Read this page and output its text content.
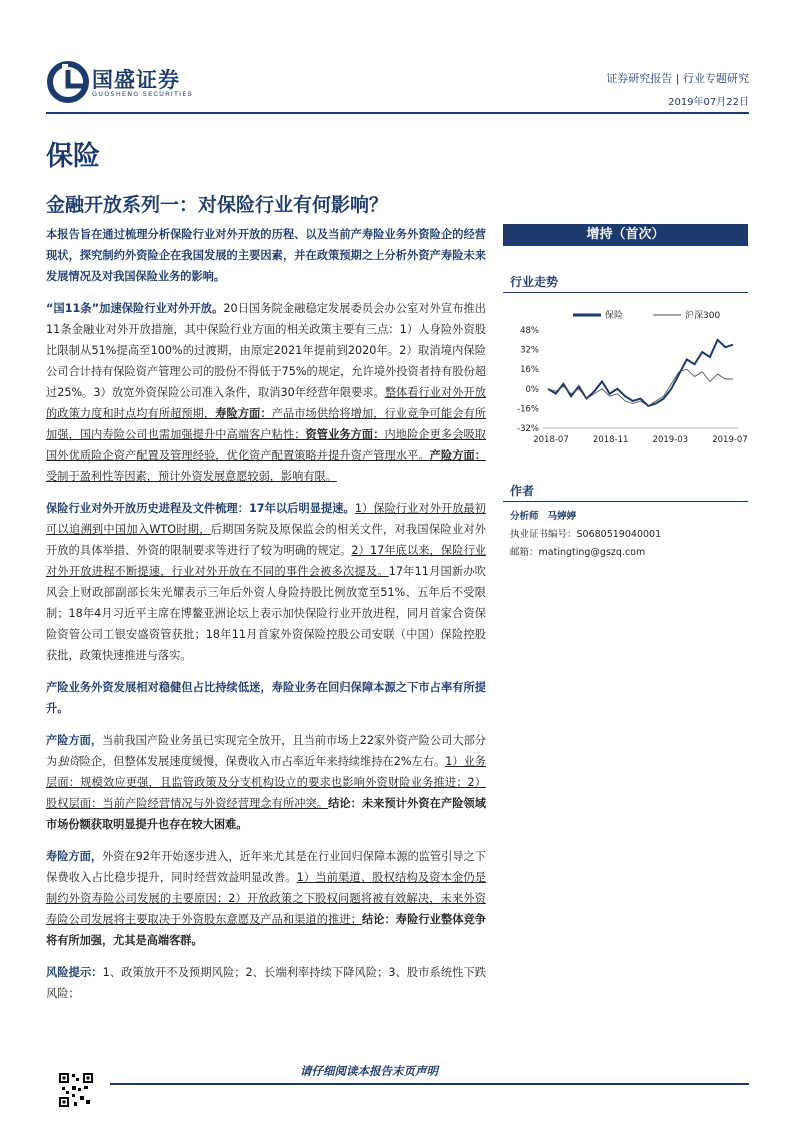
国盛证券
GUOSHENG SECURITIES
证券研究报告 | 行业专题研究
2019年07月22日
保险
金融开放系列一：对保险行业有何影响？

本报告旨在通过梳理分析保险行业对外开放的历程、以及当前产寿险业务外资险企的经营现状，探究制约外资险企在我国发展的主要因素，并在政策预期之上分析外资产寿险未来发展情况及对我国保险业务的影响。

“国11条”加速保险行业对外开放。20日国务院金融稳定发展委员会办公室对外宣布推出11条金融业对外开放措施，其中保险行业方面的相关政策主要有三点：1）人身险外资股比限制从51%提高至100%的过渡期，由原定2021年提前到2020年。2）取消境内保险公司合计持有保险资产管理公司的股份不得低于75%的规定，允许境外投资者持有股份超过25%。3）放宽外资保险公司准入条件，取消30年经营年限要求。整体看行业对外开放的政策力度和时点均有所超预期，寿险方面：产品市场供给将增加，行业竞争可能会有所加强，国内寿险公司也需加强提升中高端客户粘性；资管业务方面：内地险企更多会吸取国外优质险企资产配置及管理经验，优化资产配置策略并提升资产管理水平。产险方面：受制于盈利性等因素，预计外资发展意愿较弱，影响有限。

保险行业对外开放历史进程及文件梳理：17年以后明显提速。1）保险行业对外开放最初可以追溯到中国加入WTO时期，后期国务院及原保监会的相关文件，对我国保险业对外开放的具体举措、外资的限制要求等进行了较为明确的规定。2）17年底以来，保险行业对外开放进程不断提速，行业对外开放在不同的事件会被多次提及。17年11月国新办吹风会上财政部副部长朱光耀表示三年后外资人身险持股比例放宽至51%、五年后不受限制；18年4月习近平主席在博鳌亚洲论坛上表示加快保险行业开放进程，同月首家合资保险资管公司工银安盛资管获批；18年11月首家外资保险控股公司安联（中国）保险控股获批，政策快速推进与落实。

产险业务外资发展相对稳健但占比持续低迷，寿险业务在回归保障本源之下市占率有所提升。

产险方面，当前我国产险业务虽已实现完全放开，且当前市场上22家外资产险公司大部分为独资险企，但整体发展速度缓慢，保费收入市占率近年来持续维持在2%左右。1）业务层面：规模效应更强，且监管政策及分支机构设立的要求也影响外资财险业务推进；2）股权层面：当前产险经营情况与外资经营理念有所冲突。结论：未来预计外资在产险领域市场份额获取明显提升也存在较大困难。

寿险方面，外资在92年开始逐步进入，近年来尤其是在行业回归保障本源的监管引导之下保费收入占比稳步提升，同时经营效益明显改善。1）当前渠道、股权结构及资本金仍是制约外资寿险公司发展的主要原因；2）开放政策之下股权问题将被有效解决，未来外资寿险公司发展将主要取决于外资股东意愿及产品和渠道的推进；结论：寿险行业整体竞争将有所加强，尤其是高端客群。

风险提示：1、政策放开不及预期风险；2、长端利率持续下降风险；3、股市系统性下跌风险；

增持（首次）
行业走势
保险	沪深300
48%
32%
16%
0%
-16%
-32%
2018-07	2018-11	2019-03	2019-07
作者
分析师 马婷婷
执业证书编号：S0680519040001
邮箱：matingting@gszq.com
请仔细阅读本报告末页声明
